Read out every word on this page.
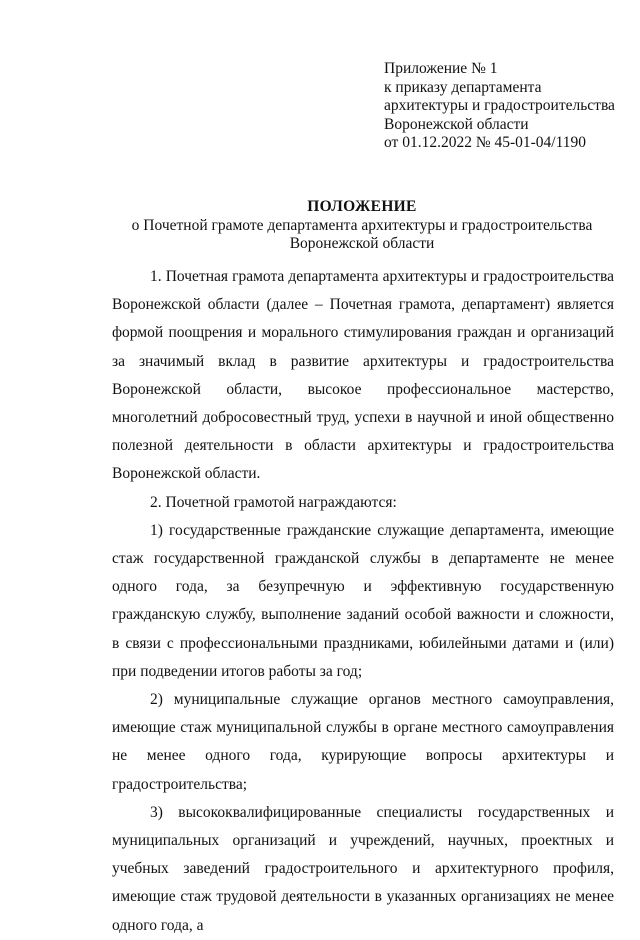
Приложение № 1
к приказу департамента
архитектуры и градостроительства
Воронежской области
от 01.12.2022 № 45-01-04/1190
ПОЛОЖЕНИЕ
о Почетной грамоте департамента архитектуры и градостроительства
Воронежской области

1. Почетная грамота департамента архитектуры и градостроительства Воронежской области (далее – Почетная грамота, департамент) является формой поощрения и морального стимулирования граждан и организаций за значимый вклад в развитие архитектуры и градостроительства Воронежской области, высокое профессиональное мастерство, многолетний добросовестный труд, успехи в научной и иной общественно полезной деятельности в области архитектуры и градостроительства Воронежской области.

2. Почетной грамотой награждаются:

1) государственные гражданские служащие департамента, имеющие стаж государственной гражданской службы в департаменте не менее одного года, за безупречную и эффективную государственную гражданскую службу, выполнение заданий особой важности и сложности, в связи с профессиональными праздниками, юбилейными датами и (или) при подведении итогов работы за год;

2) муниципальные служащие органов местного самоуправления, имеющие стаж муниципальной службы в органе местного самоуправления не менее одного года, курирующие вопросы архитектуры и градостроительства;

3) высококвалифицированные специалисты государственных и муниципальных организаций и учреждений, научных, проектных и учебных заведений градостроительного и архитектурного профиля, имеющие стаж трудовой деятельности в указанных организациях не менее одного года, а
